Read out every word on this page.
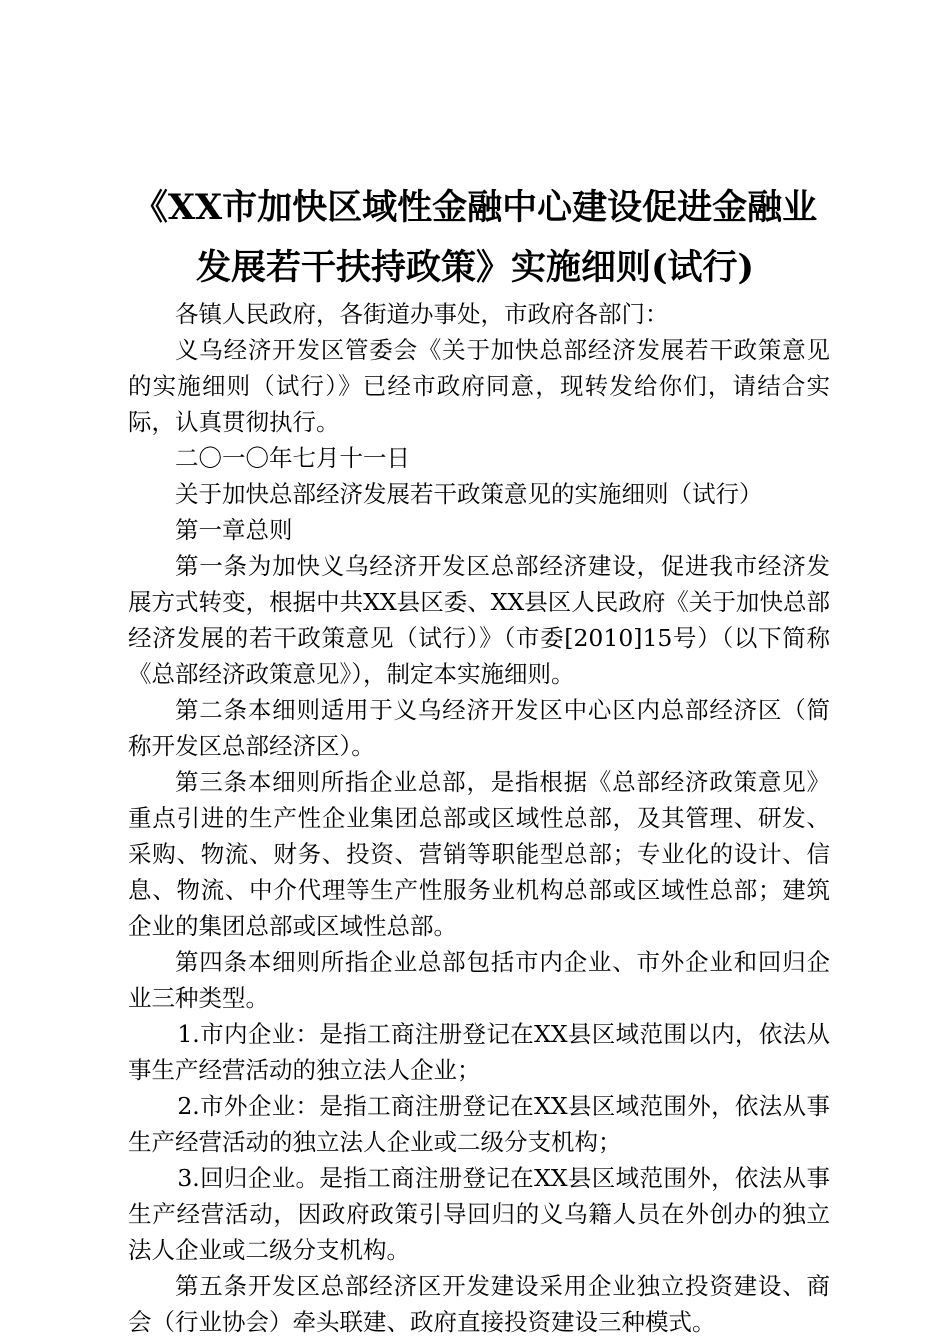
《XX市加快区域性金融中心建设促进金融业
发展若干扶持政策》实施细则(试行)

各镇人民政府，各街道办事处，市政府各部门：

义乌经济开发区管委会《关于加快总部经济发展若干政策意见的实施细则（试行）》已经市政府同意，现转发给你们，请结合实际，认真贯彻执行。

二〇一〇年七月十一日

关于加快总部经济发展若干政策意见的实施细则（试行）

第一章总则

第一条为加快义乌经济开发区总部经济建设，促进我市经济发展方式转变，根据中共XX县区委、XX县区人民政府《关于加快总部经济发展的若干政策意见（试行）》（市委[2010]15号）（以下简称《总部经济政策意见》），制定本实施细则。

第二条本细则适用于义乌经济开发区中心区内总部经济区（简称开发区总部经济区）。

第三条本细则所指企业总部，是指根据《总部经济政策意见》重点引进的生产性企业集团总部或区域性总部，及其管理、研发、采购、物流、财务、投资、营销等职能型总部；专业化的设计、信息、物流、中介代理等生产性服务业机构总部或区域性总部；建筑企业的集团总部或区域性总部。

第四条本细则所指企业总部包括市内企业、市外企业和回归企业三种类型。

1.市内企业：是指工商注册登记在XX县区域范围以内，依法从事生产经营活动的独立法人企业；

2.市外企业：是指工商注册登记在XX县区域范围外，依法从事生产经营活动的独立法人企业或二级分支机构；

3.回归企业。是指工商注册登记在XX县区域范围外，依法从事生产经营活动，因政府政策引导回归的义乌籍人员在外创办的独立法人企业或二级分支机构。

第五条开发区总部经济区开发建设采用企业独立投资建设、商会（行业协会）牵头联建、政府直接投资建设三种模式。
